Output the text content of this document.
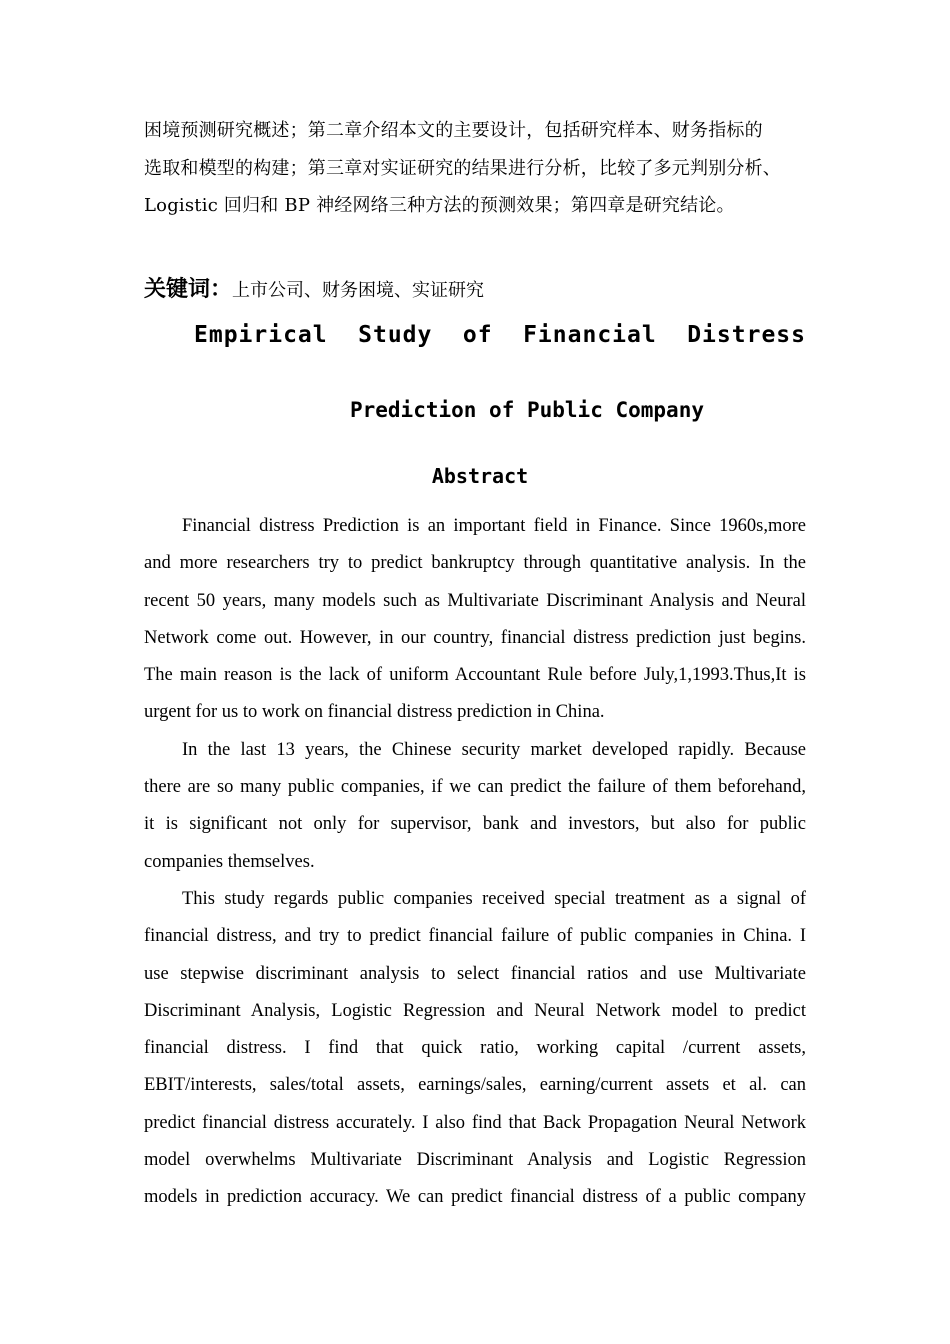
困境预测研究概述；第二章介绍本文的主要设计，包括研究样本、财务指标的
选取和模型的构建；第三章对实证研究的结果进行分析，比较了多元判别分析、
Logistic 回归和 BP 神经网络三种方法的预测效果；第四章是研究结论。
关键词：上市公司、财务困境、实证研究
Empirical Study of Financial Distress
Prediction of Public Company
Abstract
Financial distress Prediction is an important field in Finance. Since 1960s,more
and more researchers try to predict bankruptcy through quantitative analysis. In the
recent 50 years, many models such as Multivariate Discriminant Analysis and Neural
Network come out. However, in our country, financial distress prediction just begins.
The main reason is the lack of uniform Accountant Rule before July,1,1993.Thus,It is
urgent for us to work on financial distress prediction in China.
In the last 13 years, the Chinese security market developed rapidly. Because
there are so many public companies, if we can predict the failure of them beforehand,
it is significant not only for supervisor, bank and investors, but also for public
companies themselves.
This study regards public companies received special treatment as a signal of
financial distress, and try to predict financial failure of public companies in China. I
use stepwise discriminant analysis to select financial ratios and use Multivariate
Discriminant Analysis, Logistic Regression and Neural Network model to predict
financial distress. I find that quick ratio, working capital /current assets,
EBIT/interests, sales/total assets, earnings/sales, earning/current assets et al. can
predict financial distress accurately. I also find that Back Propagation Neural Network
model overwhelms Multivariate Discriminant Analysis and Logistic Regression
models in prediction accuracy. We can predict financial distress of a public company
